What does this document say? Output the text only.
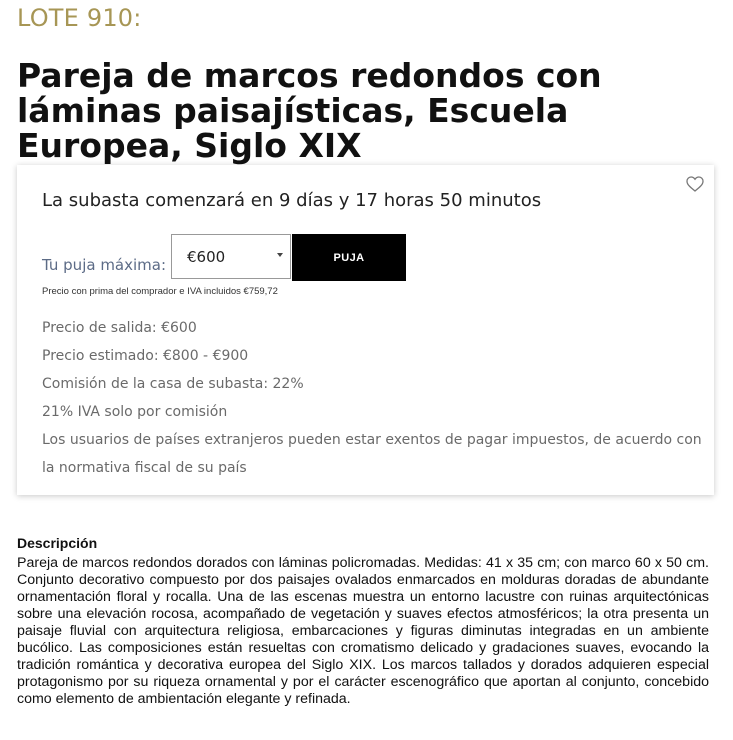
LOTE 910:
Pareja de marcos redondos con láminas paisajísticas, Escuela Europea, Siglo XIX
La subasta comenzará en 9 días y 17 horas 50 minutos
Tu puja máxima: €600	PUJA
Precio con prima del comprador e IVA incluidos €759,72
Precio de salida: €600
Precio estimado: €800 - €900
Comisión de la casa de subasta: 22%
21% IVA solo por comisión
Los usuarios de países extranjeros pueden estar exentos de pagar impuestos, de acuerdo con la normativa fiscal de su país
Descripción

Pareja de marcos redondos dorados con láminas policromadas. Medidas: 41 x 35 cm; con marco 60 x 50 cm. Conjunto decorativo compuesto por dos paisajes ovalados enmarcados en molduras doradas de abundante ornamentación floral y rocalla. Una de las escenas muestra un entorno lacustre con ruinas arquitectónicas sobre una elevación rocosa, acompañado de vegetación y suaves efectos atmosféricos; la otra presenta un paisaje fluvial con arquitectura religiosa, embarcaciones y figuras diminutas integradas en un ambiente bucólico. Las composiciones están resueltas con cromatismo delicado y gradaciones suaves, evocando la tradición romántica y decorativa europea del Siglo XIX. Los marcos tallados y dorados adquieren especial protagonismo por su riqueza ornamental y por el carácter escenográfico que aportan al conjunto, concebido como elemento de ambientación elegante y refinada.
